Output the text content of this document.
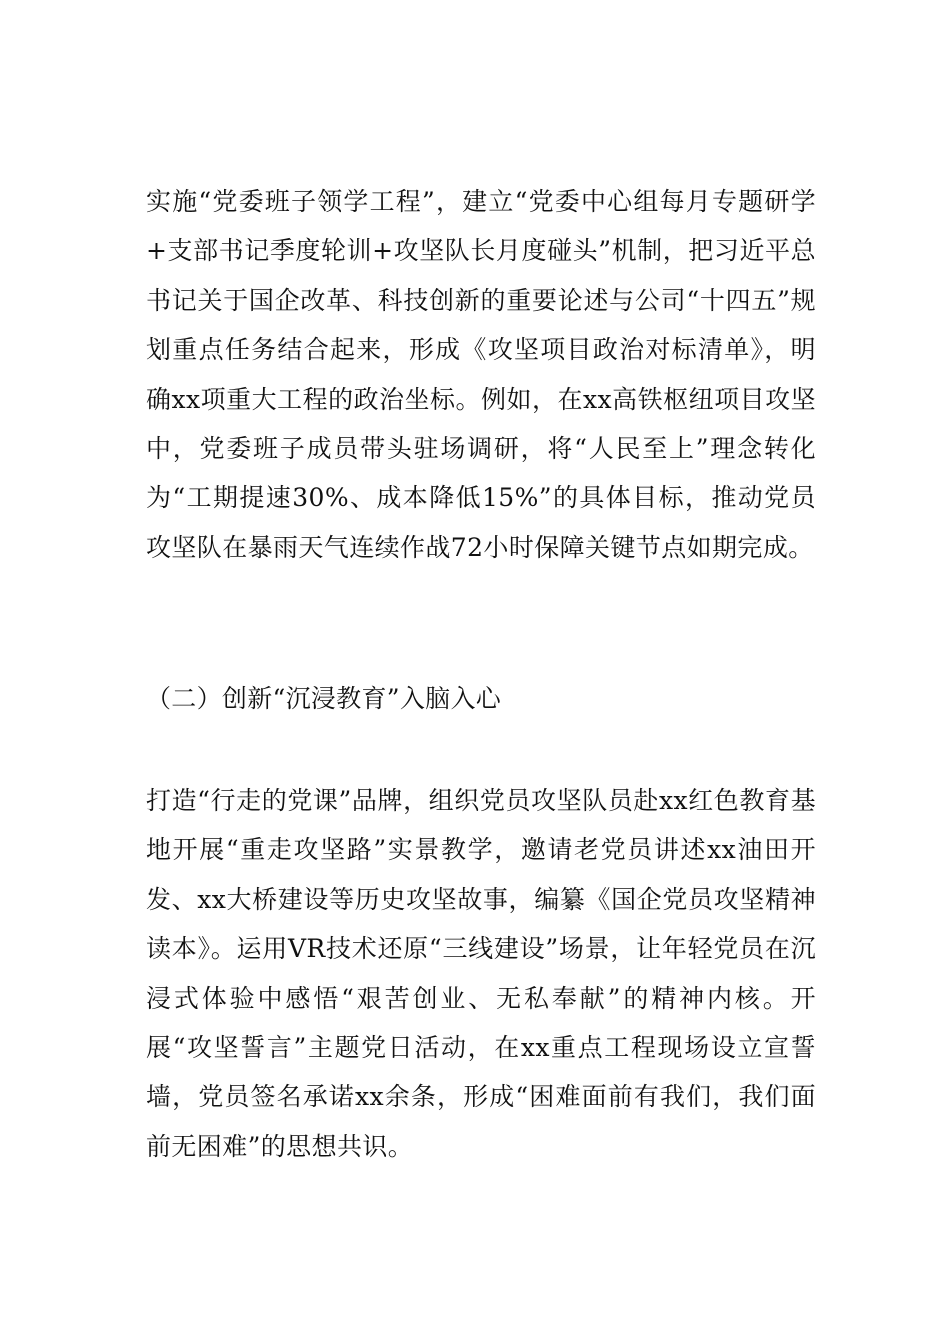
实施“党委班子领学工程”，建立“党委中心组每月专题研学+支部书记季度轮训+攻坚队长月度碰头”机制，把习近平总书记关于国企改革、科技创新的重要论述与公司“十四五”规划重点任务结合起来，形成《攻坚项目政治对标清单》，明确xx项重大工程的政治坐标。例如，在xx高铁枢纽项目攻坚中，党委班子成员带头驻场调研，将“人民至上”理念转化为“工期提速30%、成本降低15%”的具体目标，推动党员攻坚队在暴雨天气连续作战72小时保障关键节点如期完成。

（二）创新“沉浸教育”入脑入心

打造“行走的党课”品牌，组织党员攻坚队员赴xx红色教育基地开展“重走攻坚路”实景教学，邀请老党员讲述xx油田开发、xx大桥建设等历史攻坚故事，编纂《国企党员攻坚精神读本》。运用VR技术还原“三线建设”场景，让年轻党员在沉浸式体验中感悟“艰苦创业、无私奉献”的精神内核。开展“攻坚誓言”主题党日活动，在xx重点工程现场设立宣誓墙，党员签名承诺xx余条，形成“困难面前有我们，我们面前无困难”的思想共识。
